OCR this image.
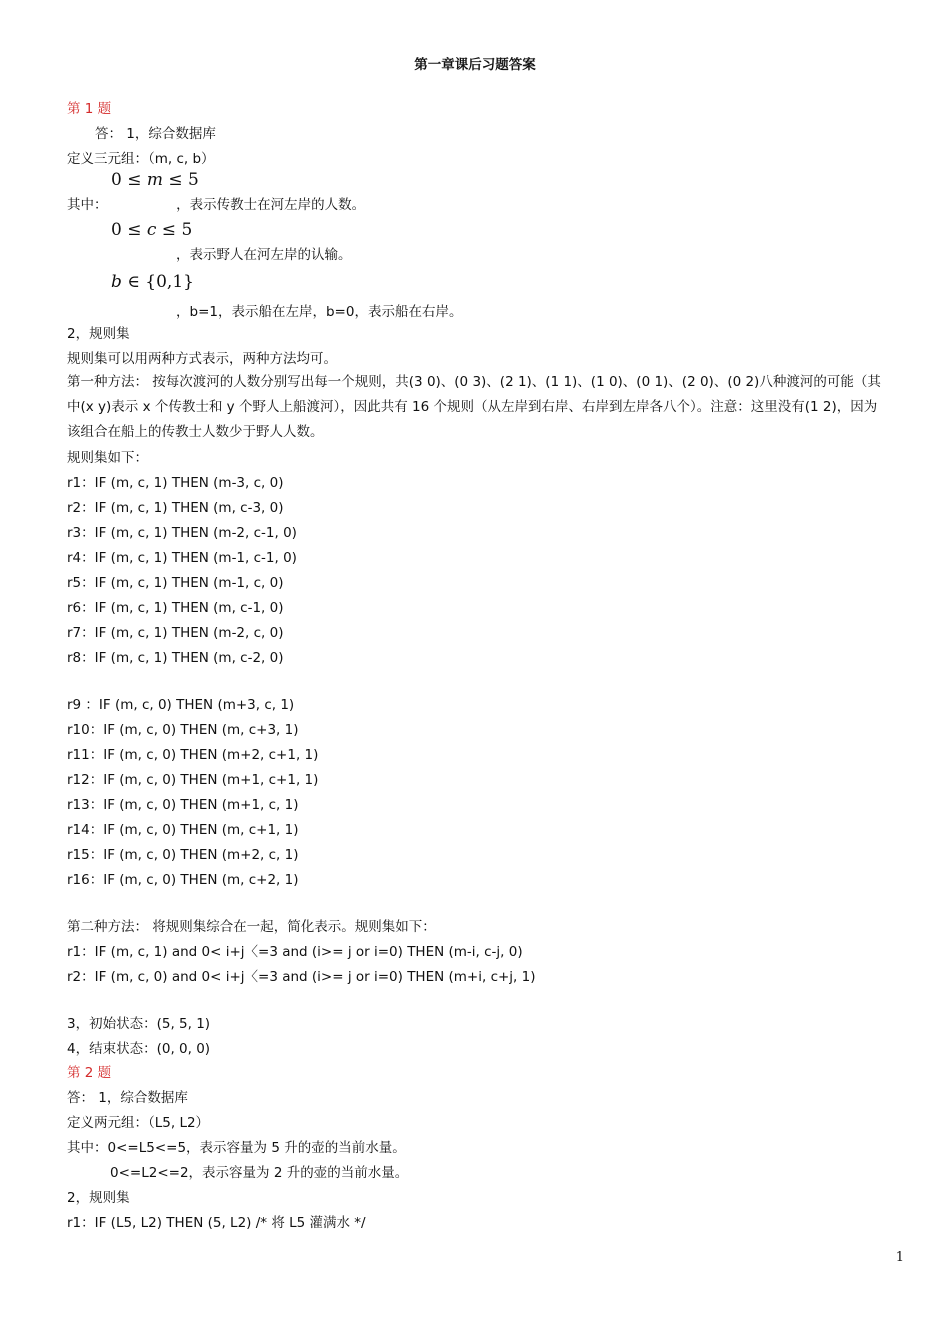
第一章课后习题答案
第 1 题
答： 1，综合数据库
定义三元组：（m, c, b）
0 ≤ m ≤ 5
其中：                ，表示传教士在河左岸的人数。
0 ≤ c ≤ 5
，表示野人在河左岸的认输。
b ∈ {0,1}
，b=1，表示船在左岸，b=0，表示船在右岸。
2，规则集
规则集可以用两种方式表示，两种方法均可。
第一种方法： 按每次渡河的人数分别写出每一个规则，共(3 0)、(0 3)、(2 1)、(1 1)、(1 0)、(0 1)、(2 0)、(0 2)八种渡河的可能（其中(x y)表示 x 个传教士和 y 个野人上船渡河），因此共有 16 个规则（从左岸到右岸、右岸到左岸各八个）。注意：这里没有(1 2)，因为该组合在船上的传教士人数少于野人人数。
规则集如下：
r1：IF (m, c, 1) THEN (m-3, c, 0)
r2：IF (m, c, 1) THEN (m, c-3, 0)
r3：IF (m, c, 1) THEN (m-2, c-1, 0)
r4：IF (m, c, 1) THEN (m-1, c-1, 0)
r5：IF (m, c, 1) THEN (m-1, c, 0)
r6：IF (m, c, 1) THEN (m, c-1, 0)
r7：IF (m, c, 1) THEN (m-2, c, 0)
r8：IF (m, c, 1) THEN (m, c-2, 0)
r9 ：IF (m, c, 0) THEN (m+3, c, 1)
r10：IF (m, c, 0) THEN (m, c+3, 1)
r11：IF (m, c, 0) THEN (m+2, c+1, 1)
r12：IF (m, c, 0) THEN (m+1, c+1, 1)
r13：IF (m, c, 0) THEN (m+1, c, 1)
r14：IF (m, c, 0) THEN (m, c+1, 1)
r15：IF (m, c, 0) THEN (m+2, c, 1)
r16：IF (m, c, 0) THEN (m, c+2, 1)
第二种方法： 将规则集综合在一起，简化表示。规则集如下：
r1：IF (m, c, 1) and 0< i+j〈=3 and (i>= j or i=0) THEN (m-i, c-j, 0)
r2：IF (m, c, 0) and 0< i+j〈=3 and (i>= j or i=0) THEN (m+i, c+j, 1)
3，初始状态：(5, 5, 1)
4，结束状态：(0, 0, 0)
第 2 题
答： 1，综合数据库
定义两元组：（L5, L2）
其中：0<=L5<=5，表示容量为 5 升的壶的当前水量。
0<=L2<=2，表示容量为 2 升的壶的当前水量。
2，规则集
r1：IF (L5, L2) THEN (5, L2) /* 将 L5 灌满水 */
1
